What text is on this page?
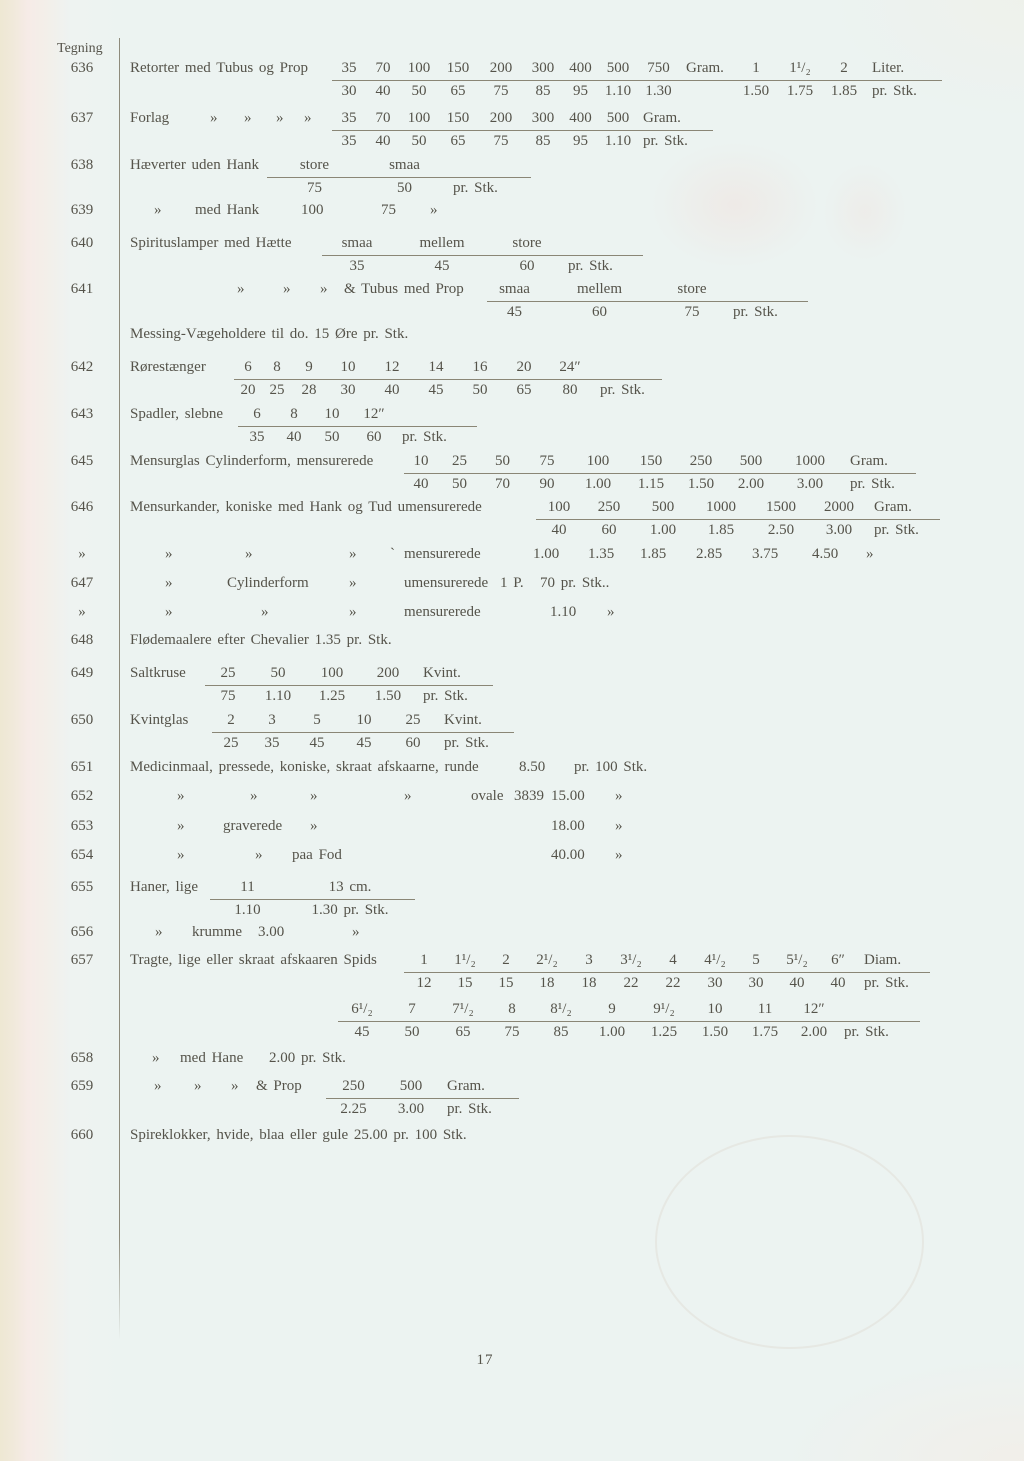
Tegning
636	Retorter med Tubus og Prop	35	70	100	150	200	300	400	500	750	Gram.	1	1¹/₂	2	Liter.
30	40	50	65	75	85	95	1.10 1.30	1.50	1.75	1.85 pr. Stk.
637	Forlag	» » » »	35	70	100	150	200	300	400	500 Gram.
35	40	50	65	75	85	95	1.10 pr. Stk.
638	Hæverter uden Hank	store	smaa
75	50	pr. Stk.
639	» med Hank	100	75 »
640	Spirituslamper med Hætte	smaa	mellem	store
35	45	60	pr. Stk.
641	»	» » & Tubus med Prop	smaa	mellem	store
45	60	75	pr. Stk.
Messing-Vægeholdere til do. 15 Øre pr. Stk.
642	Rørestænger	6	8	9	10	12	14	16	20	24″
20 25	28	30	40	45	50	65	80	pr. Stk.
643	Spadler, slebne	6	8	10	12″
35	40	50	60	pr. Stk.
645	Mensurglas Cylinderform, mensurerede	10	25	50	75	100	150	250	500	1000	Gram.
40	50	70	90	1.00	1.15	1.50	2.00	3.00	pr. Stk.
646	Mensurkander, koniske med Hank og Tud umensurerede	100	250	500	1000	1500	2000	Gram.
40	60	1.00	1.85	2.50	3.00	pr. Stk.
»	»	»	» ˋ mensurerede	1.00 1.35 1.85 2.85 3.75 4.50 »
647	»	Cylinderform	»	umensurerede 1 P. 70 pr. Stk..
»	»	»	»	mensurerede	1.10 »
648	Flødemaalere efter Chevalier 1.35 pr. Stk.
649	Saltkruse	25	50	100	200	Kvint.
75	1.10	1.25	1.50	pr. Stk.
650	Kvintglas	2	3	5	10	25	Kvint.
25	35	45	45	60	pr. Stk.
651	Medicinmaal, pressede, koniske, skraat afskaarne, runde	8.50 pr. 100 Stk.
652	»	»	»	»	ovale 3839 15.00 »
653	»	graverede »	18.00 »
654	»	» paa Fod	40.00 »
655	Haner, lige	11	13 cm.
1.10	1.30 pr. Stk.
656	» krumme 3.00	»
657	Tragte, lige eller skraat afskaaren Spids	1	1¹/₂	2	2¹/₂	3	3¹/₂	4	4¹/₂	5	5¹/₂	6″	Diam.
12	15	15	18	18	22	22	30	30	40	40	pr. Stk.
6¹/₂	7	7¹/₂	8	8¹/₂	9	9¹/₂	10	11	12″
45	50	65	75	85	1.00	1.25	1.50	1.75	2.00	pr. Stk.
658	» med Hane 2.00 pr. Stk.
659	» » » & Prop	250	500	Gram.
2.25	3.00	pr. Stk.
660	Spireklokker, hvide, blaa eller gule 25.00 pr. 100 Stk.
17
